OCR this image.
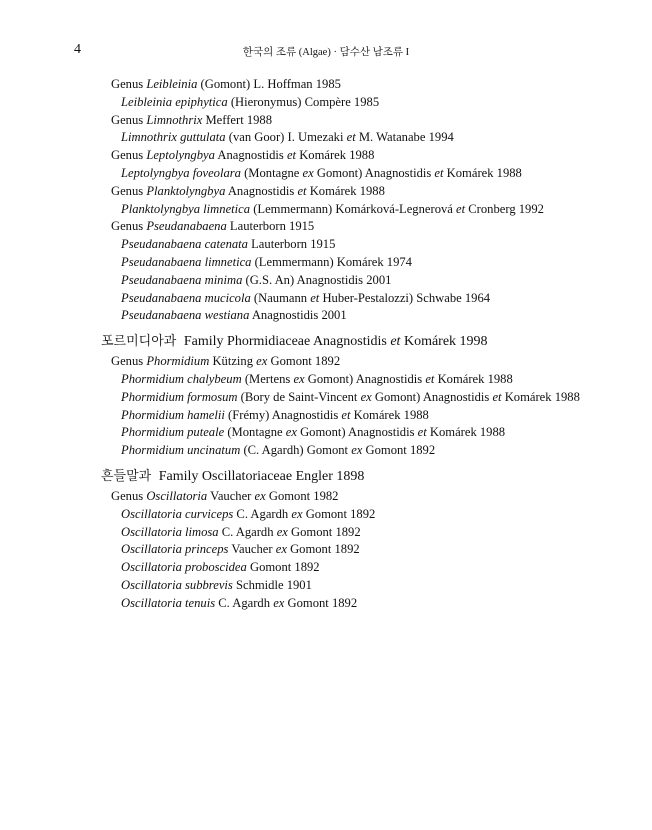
4	한국의 조류 (Algae) · 담수산 남조류 I
Genus Leibleinia (Gomont) L. Hoffman 1985
Leibleinia epiphytica (Hieronymus) Compère 1985
Genus Limnothrix Meffert 1988
Limnothrix guttulata (van Goor) I. Umezaki et M. Watanabe 1994
Genus Leptolyngbya Anagnostidis et Komárek 1988
Leptolyngbya foveolara (Montagne ex Gomont) Anagnostidis et Komárek 1988
Genus Planktolyngbya Anagnostidis et Komárek 1988
Planktolyngbya limnetica (Lemmermann) Komárková-Legnerová et Cronberg 1992
Genus Pseudanabaena Lauterborn 1915
Pseudanabaena catenata Lauterborn 1915
Pseudanabaena limnetica (Lemmermann) Komárek 1974
Pseudanabaena minima (G.S. An) Anagnostidis 2001
Pseudanabaena mucicola (Naumann et Huber-Pestalozzi) Schwabe 1964
Pseudanabaena westiana Anagnostidis 2001
포르미디아과 Family Phormidiaceae Anagnostidis et Komárek 1998
Genus Phormidium Kützing ex Gomont 1892
Phormidium chalybeum (Mertens ex Gomont) Anagnostidis et Komárek 1988
Phormidium formosum (Bory de Saint-Vincent ex Gomont) Anagnostidis et Komárek 1988
Phormidium hamelii (Frémy) Anagnostidis et Komárek 1988
Phormidium puteale (Montagne ex Gomont) Anagnostidis et Komárek 1988
Phormidium uncinatum (C. Agardh) Gomont ex Gomont 1892
흔들말과 Family Oscillatoriaceae Engler 1898
Genus Oscillatoria Vaucher ex Gomont 1982
Oscillatoria curviceps C. Agardh ex Gomont 1892
Oscillatoria limosa C. Agardh ex Gomont 1892
Oscillatoria princeps Vaucher ex Gomont 1892
Oscillatoria proboscidea Gomont 1892
Oscillatoria subbrevis Schmidle 1901
Oscillatoria tenuis C. Agardh ex Gomont 1892
